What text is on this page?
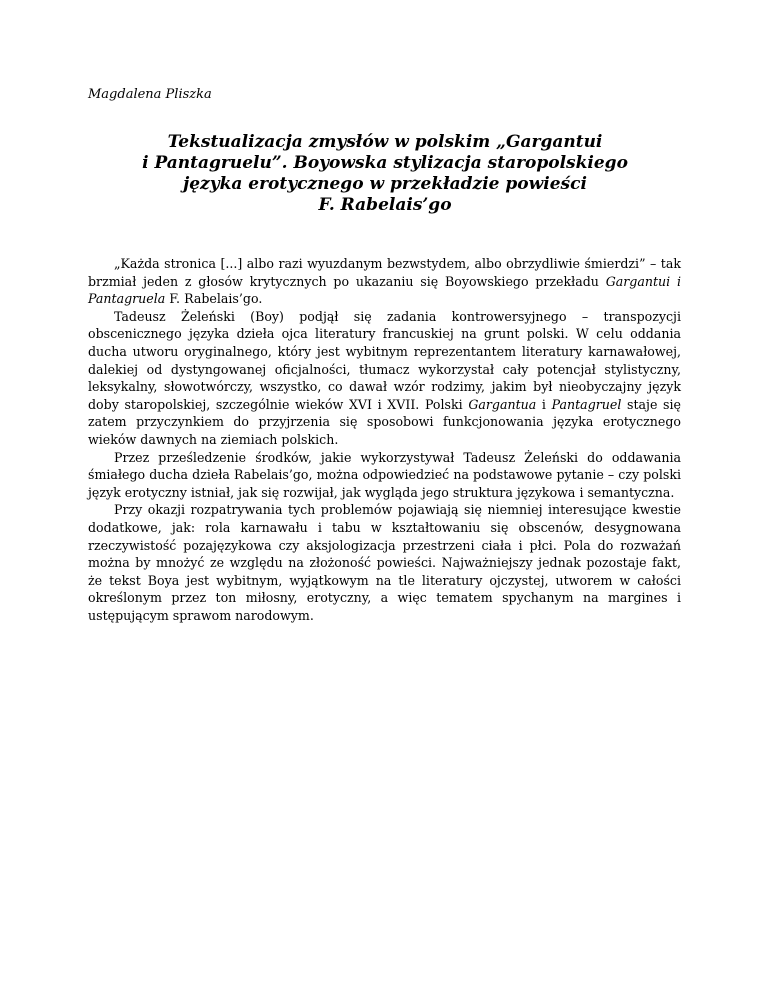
Magdalena Pliszka

Tekstualizacja zmysłów w polskim „Gargantui
i Pantagruelu”. Boyowska stylizacja staropolskiego
języka erotycznego w przekładzie powieści
F. Rabelais’go

„Każda stronica [...] albo razi wyuzdanym bezwstydem, albo obrzydliwie śmierdzi” – tak brzmiał jeden z głosów krytycznych po ukazaniu się Boyowskiego przekładu Gargantui i Pantagruela F. Rabelais’go.

Tadeusz Żeleński (Boy) podjął się zadania kontrowersyjnego – transpozycji obscenicznego języka dzieła ojca literatury francuskiej na grunt polski. W celu oddania ducha utworu oryginalnego, który jest wybitnym reprezentantem literatury karnawałowej, dalekiej od dystyngowanej oficjalności, tłumacz wykorzystał cały potencjał stylistyczny, leksykalny, słowotwórczy, wszystko, co dawał wzór rodzimy, jakim był nieobyczajny język doby staropolskiej, szczególnie wieków XVI i XVII. Polski Gargantua i Pantagruel staje się zatem przyczynkiem do przyjrzenia się sposobowi funkcjonowania języka erotycznego wieków dawnych na ziemiach polskich.

Przez prześledzenie środków, jakie wykorzystywał Tadeusz Żeleński do oddawania śmiałego ducha dzieła Rabelais’go, można odpowiedzieć na podstawowe pytanie – czy polski język erotyczny istniał, jak się rozwijał, jak wygląda jego struktura językowa i semantyczna.

Przy okazji rozpatrywania tych problemów pojawiają się niemniej interesujące kwestie dodatkowe, jak: rola karnawału i tabu w kształtowaniu się obscenów, desygnowana rzeczywistość pozajęzykowa czy aksjologizacja przestrzeni ciała i płci. Pola do rozważań można by mnożyć ze względu na złożoność powieści. Najważniejszy jednak pozostaje fakt, że tekst Boya jest wybitnym, wyjątkowym na tle literatury ojczystej, utworem w całości określonym przez ton miłosny, erotyczny, a więc tematem spychanym na margines i ustępującym sprawom narodowym.
